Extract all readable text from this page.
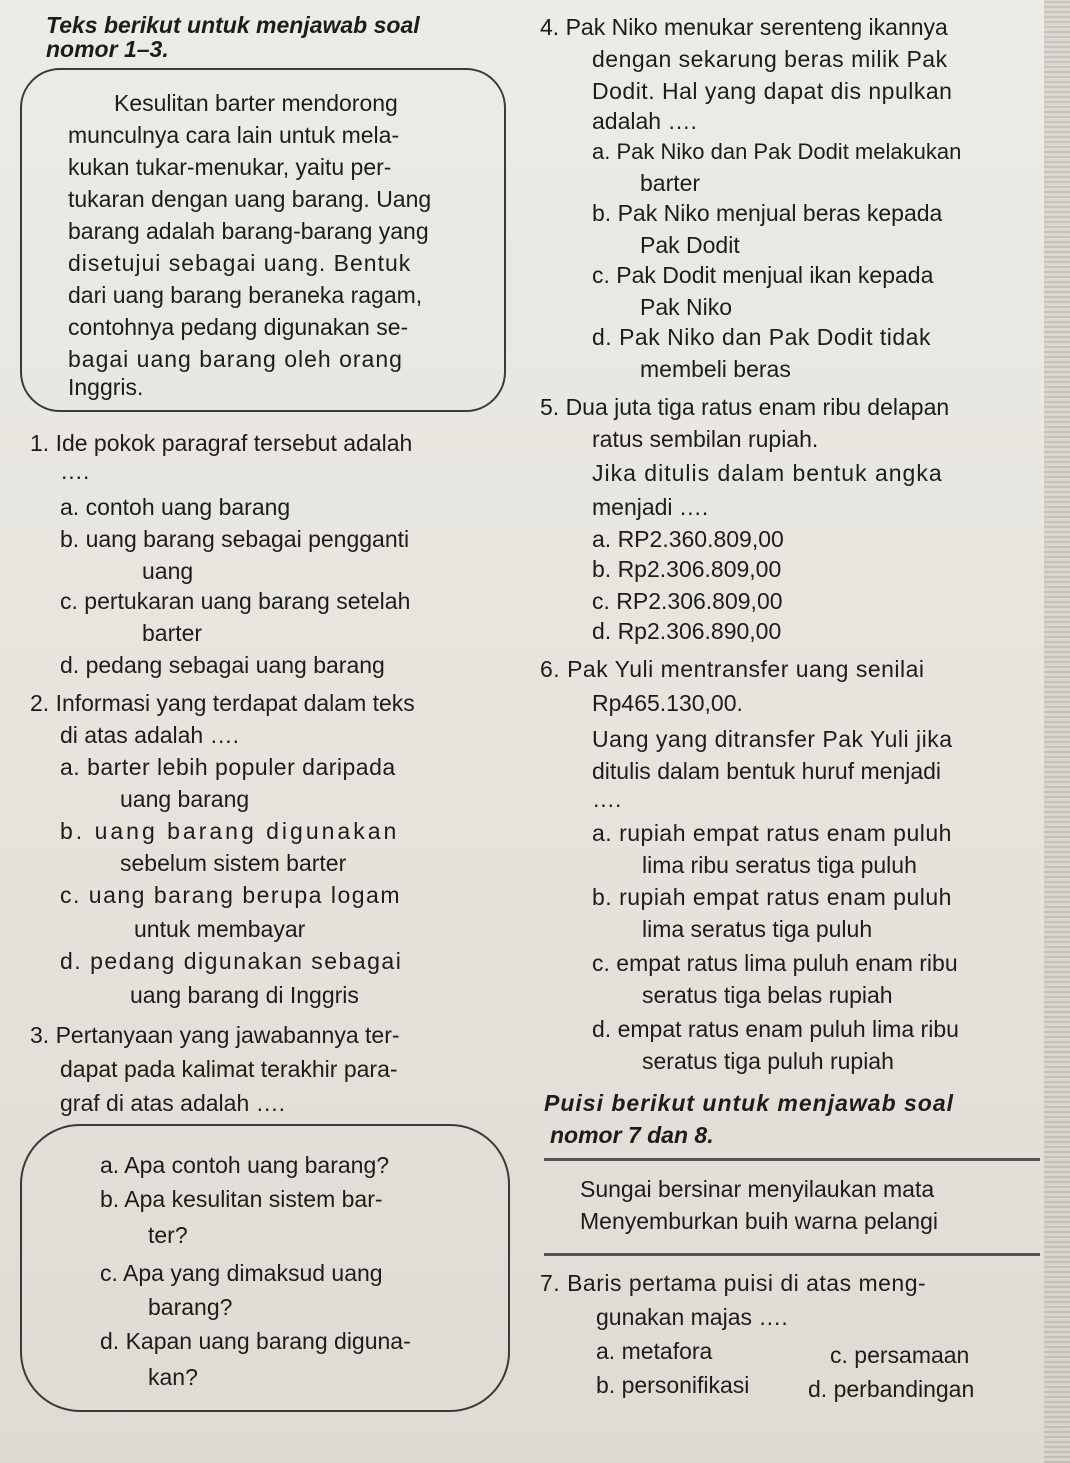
Teks berikut untuk menjawab soal
nomor 1–3.
Kesulitan barter mendorong
munculnya cara lain untuk mela-
kukan tukar-menukar, yaitu per-
tukaran dengan uang barang. Uang
barang adalah barang-barang yang
disetujui sebagai uang. Bentuk
dari uang barang beraneka ragam,
contohnya pedang digunakan se-
bagai uang barang oleh orang
Inggris.
1. Ide pokok paragraf tersebut adalah
….
a. contoh uang barang
b. uang barang sebagai pengganti
uang
c. pertukaran uang barang setelah
barter
d. pedang sebagai uang barang
2. Informasi yang terdapat dalam teks
di atas adalah ….
a. barter lebih populer daripada
uang barang
b. uang barang digunakan
sebelum sistem barter
c. uang barang berupa logam
untuk membayar
d. pedang digunakan sebagai
uang barang di Inggris
3. Pertanyaan yang jawabannya ter-
dapat pada kalimat terakhir para-
graf di atas adalah ….
a. Apa contoh uang barang?
b. Apa kesulitan sistem bar-
ter?
c. Apa yang dimaksud uang
barang?
d. Kapan uang barang diguna-
kan?
4. Pak Niko menukar serenteng ikannya
dengan sekarung beras milik Pak
Dodit. Hal yang dapat dis npulkan
adalah ….
a. Pak Niko dan Pak Dodit melakukan
barter
b. Pak Niko menjual beras kepada
Pak Dodit
c. Pak Dodit menjual ikan kepada
Pak Niko
d. Pak Niko dan Pak Dodit tidak
membeli beras
5. Dua juta tiga ratus enam ribu delapan
ratus sembilan rupiah.
Jika ditulis dalam bentuk angka
menjadi ….
a. RP2.360.809,00
b. Rp2.306.809,00
c. RP2.306.809,00
d. Rp2.306.890,00
6. Pak Yuli mentransfer uang senilai
Rp465.130,00.
Uang yang ditransfer Pak Yuli jika
ditulis dalam bentuk huruf menjadi
….
a. rupiah empat ratus enam puluh
lima ribu seratus tiga puluh
b. rupiah empat ratus enam puluh
lima seratus tiga puluh
c. empat ratus lima puluh enam ribu
seratus tiga belas rupiah
d. empat ratus enam puluh lima ribu
seratus tiga puluh rupiah
Puisi berikut untuk menjawab soal
nomor 7 dan 8.
Sungai bersinar menyilaukan mata
Menyemburkan buih warna pelangi
7. Baris pertama puisi di atas meng-
gunakan majas ….
a. metafora	c. persamaan
b. personifikasi	d. perbandingan
